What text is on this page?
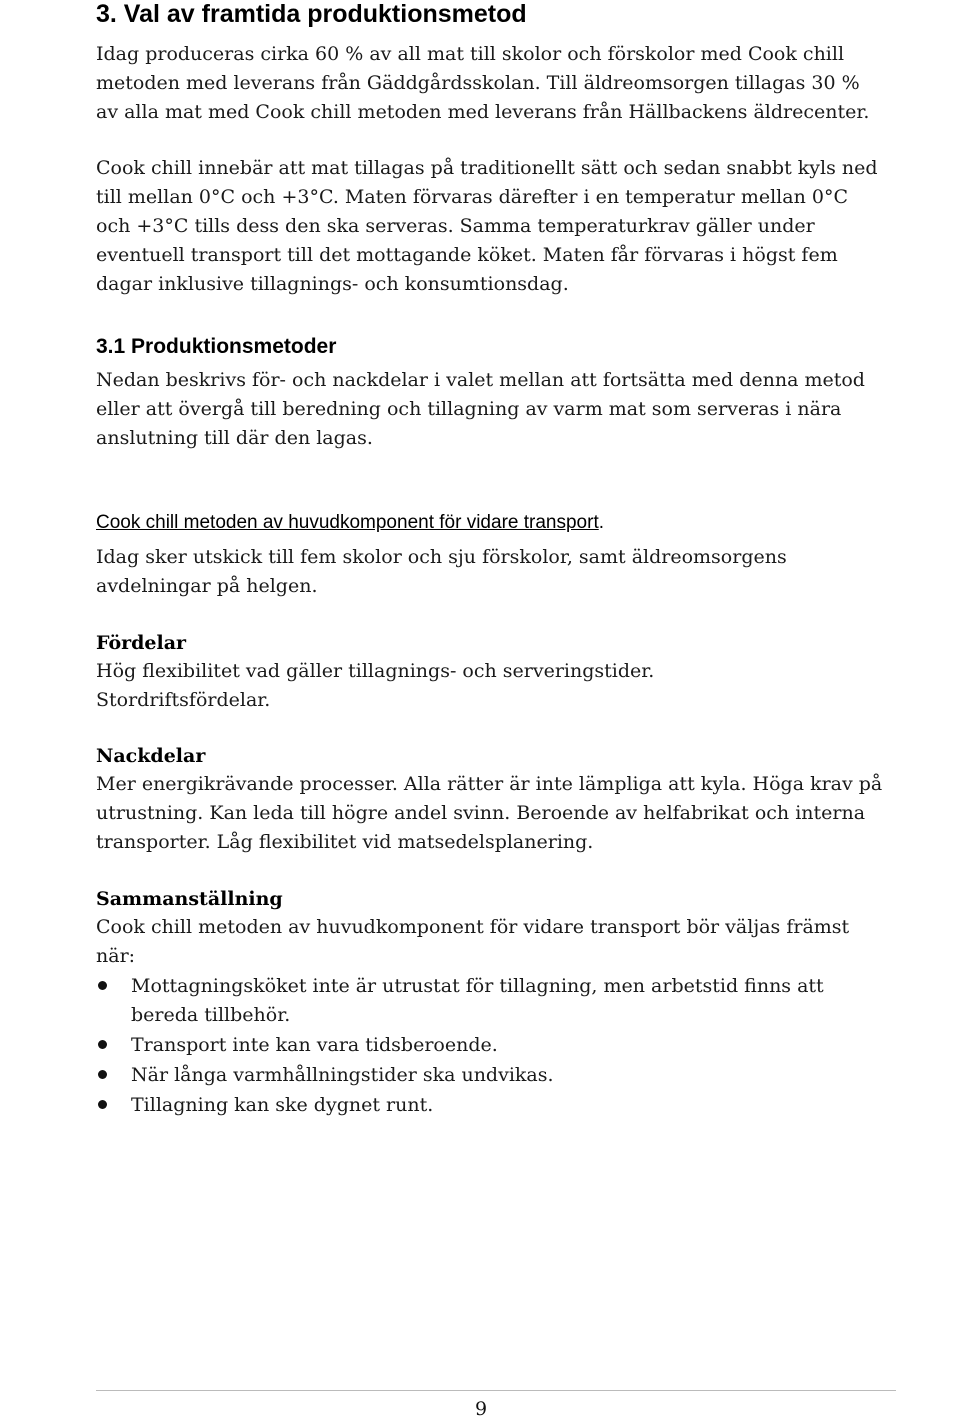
3. Val av framtida produktionsmetod

Idag produceras cirka 60 % av all mat till skolor och förskolor med Cook chill metoden med leverans från Gäddgårdsskolan. Till äldreomsorgen tillagas 30 % av alla mat med Cook chill metoden med leverans från Hällbackens äldrecenter.

Cook chill innebär att mat tillagas på traditionellt sätt och sedan snabbt kyls ned till mellan 0°C och +3°C. Maten förvaras därefter i en temperatur mellan 0°C och +3°C tills dess den ska serveras. Samma temperaturkrav gäller under eventuell transport till det mottagande köket. Maten får förvaras i högst fem dagar inklusive tillagnings- och konsumtionsdag.

3.1 Produktionsmetoder

Nedan beskrivs för- och nackdelar i valet mellan att fortsätta med denna metod eller att övergå till beredning och tillagning av varm mat som serveras i nära anslutning till där den lagas.

Cook chill metoden av huvudkomponent för vidare transport.

Idag sker utskick till fem skolor och sju förskolor, samt äldreomsorgens avdelningar på helgen.

Fördelar

Hög flexibilitet vad gäller tillagnings- och serveringstider.

Stordriftsfördelar.

Nackdelar

Mer energikrävande processer. Alla rätter är inte lämpliga att kyla. Höga krav på utrustning. Kan leda till högre andel svinn. Beroende av helfabrikat och interna transporter. Låg flexibilitet vid matsedelsplanering.

Sammanställning

Cook chill metoden av huvudkomponent för vidare transport bör väljas främst när:

Mottagningsköket inte är utrustat för tillagning, men arbetstid finns att bereda tillbehör.
Transport inte kan vara tidsberoende.
När långa varmhållningstider ska undvikas.
Tillagning kan ske dygnet runt.

9
